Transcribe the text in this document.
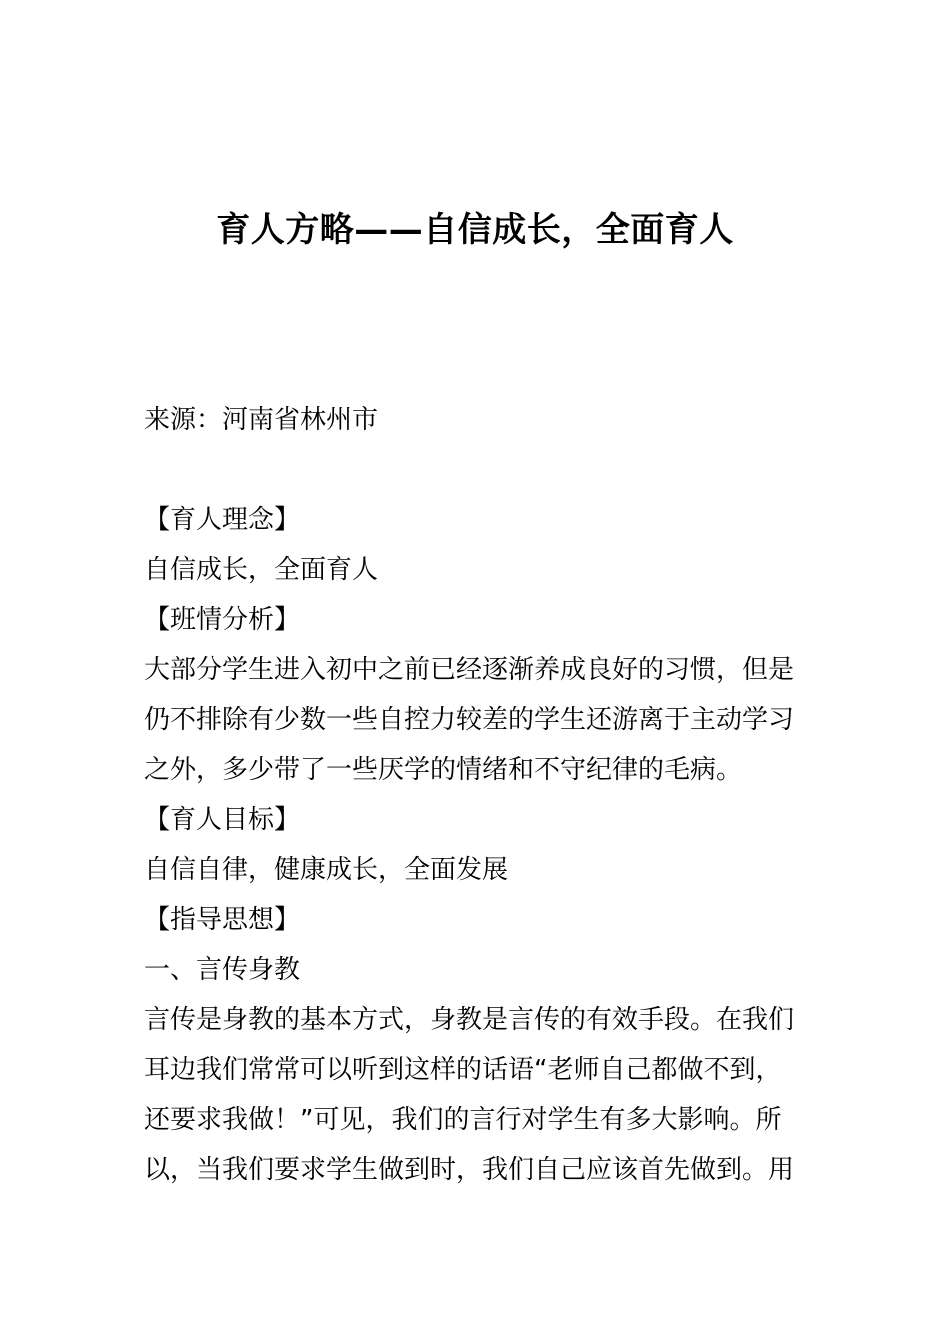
育人方略——自信成长，全面育人
来源：河南省林州市
【育人理念】
自信成长，全面育人
【班情分析】
大部分学生进入初中之前已经逐渐养成良好的习惯，但是
仍不排除有少数一些自控力较差的学生还游离于主动学习
之外，多少带了一些厌学的情绪和不守纪律的毛病。
【育人目标】
自信自律，健康成长，全面发展
【指导思想】
一、言传身教
言传是身教的基本方式，身教是言传的有效手段。在我们
耳边我们常常可以听到这样的话语“老师自己都做不到，
还要求我做！”可见，我们的言行对学生有多大影响。所
以，当我们要求学生做到时，我们自己应该首先做到。用
